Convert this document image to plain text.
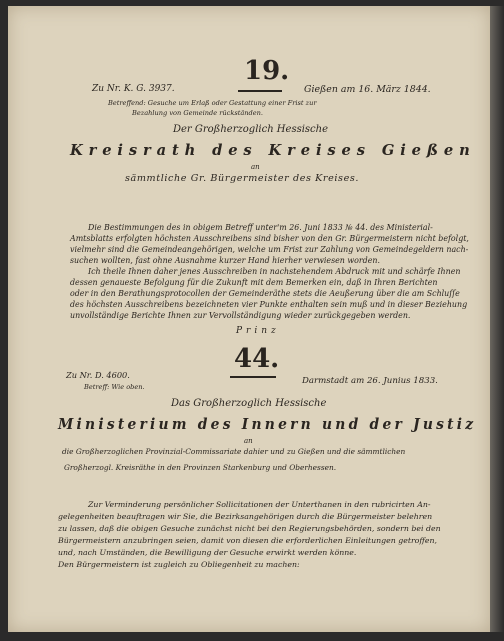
19.
Zu Nr. K. G. 3937.	Gießen am 16. März 1844.
Betreffend: Gesuche um Erlaß oder Gestattung einer Frist zur
Bezahlung von Gemeinde rückständen.
Der Großherzoglich Hessische
Kreisrath des Kreises Gießen
an
sämmtliche Gr. Bürgermeister des Kreises.
Die Bestimmungen des in obigem Betreff unter'm 26. Juni 1833 № 44. des Ministerial-
Amtsblatts erfolgten höchsten Ausschreibens sind bisher von den Gr. Bürgermeistern nicht befolgt,
vielmehr sind die Gemeindeangehörigen, welche um Frist zur Zahlung von Gemeindegeldern nach-
suchen wollten, fast ohne Ausnahme kurzer Hand hierher verwiesen worden.
Ich theile Ihnen daher jenes Ausschreiben in nachstehendem Abdruck mit und schärfe Ihnen
dessen genaueste Befolgung für die Zukunft mit dem Bemerken ein, daß in Ihren Berichten
oder in den Berathungsprotocollen der Gemeinderäthe stets die Aeußerung über die am Schluſſe
des höchsten Ausschreibens bezeichneten vier Punkte enthalten sein muß und in dieser Beziehung
unvollständige Berichte Ihnen zur Vervollständigung wieder zurückgegeben werden.
Prinz
44.
Zu Nr. D. 4600.
Betreff: Wie oben.
Darmstadt am 26. Junius 1833.
Das Großherzoglich Hessische
Ministerium des Innern und der Justiz
an
die Großherzoglichen Provinzial-Commissariate dahier und zu Gießen und die sämmtlichen
Großherzogl. Kreisräthe in den Provinzen Starkenburg und Oberhessen.
Zur Verminderung persönlicher Sollicitationen der Unterthanen in den rubricirten An-
gelegenheiten beauftragen wir Sie, die Bezirksangehörigen durch die Bürgermeister belehren
zu lassen, daß die obigen Gesuche zunächst nicht bei den Regierungsbehörden, sondern bei den
Bürgermeistern anzubringen seien, damit von diesen die erforderlichen Einleitungen getroffen,
und, nach Umständen, die Bewilligung der Gesuche erwirkt werden könne.
Den Bürgermeistern ist zugleich zu Obliegenheit zu machen:
